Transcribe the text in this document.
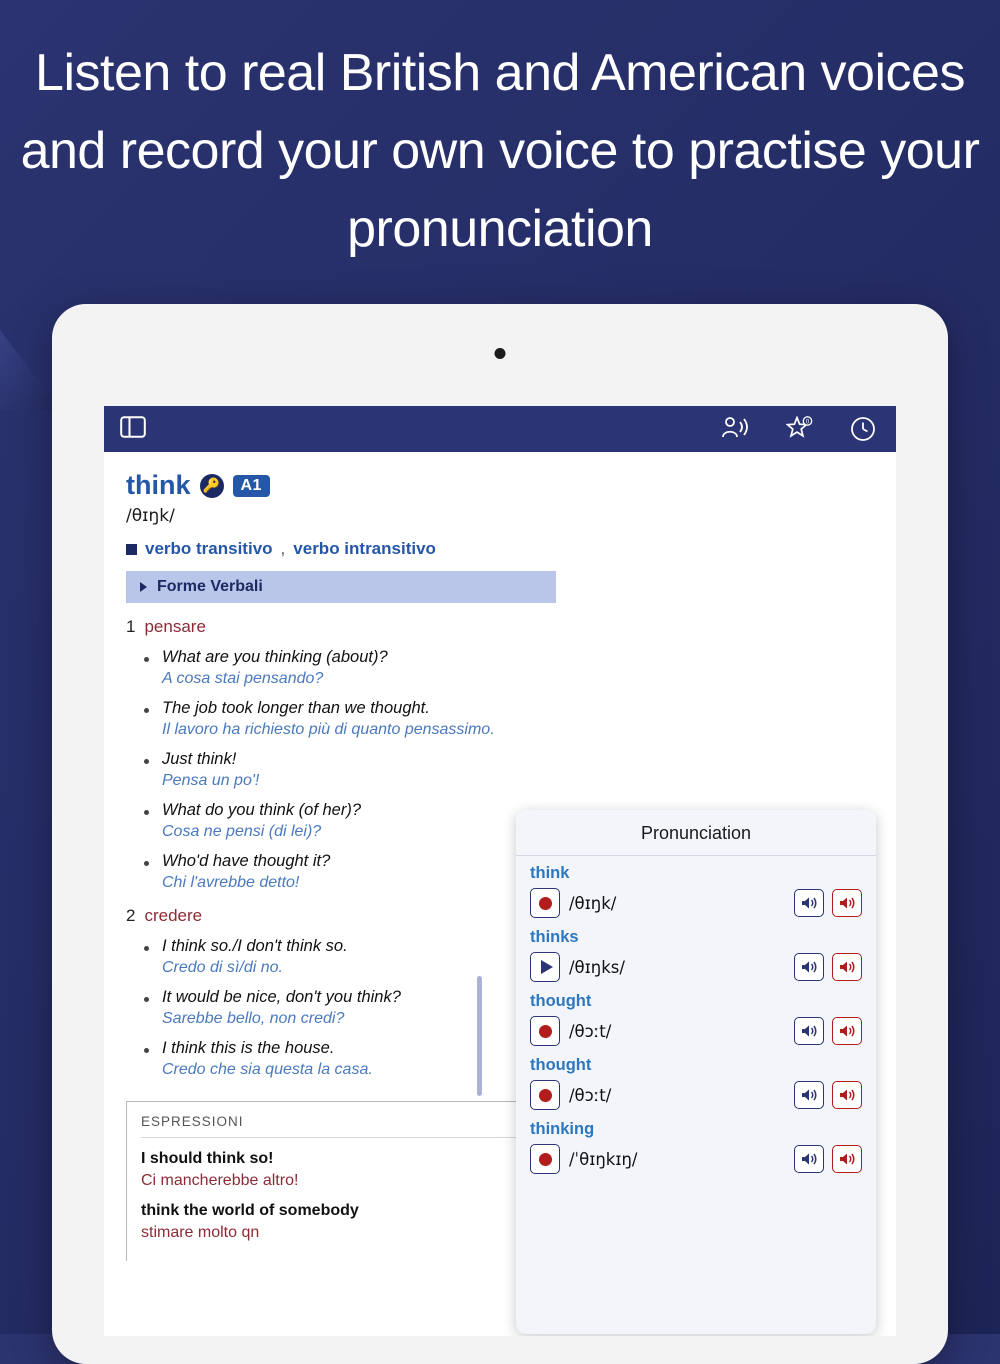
Listen to real British and American voices and record your own voice to practise your pronunciation
0
think 🔑	A1
/θɪŋk/
verbo transitivo , verbo intransitivo
Forme Verbali
1 pensare
What are you thinking (about)?
A cosa stai pensando?
The job took longer than we thought.
Il lavoro ha richiesto più di quanto pensassimo.
Just think!
Pensa un po'!
What do you think (of her)?
Cosa ne pensi (di lei)?
Who'd have thought it?
Chi l'avrebbe detto!
2 credere
I think so./I don't think so.
Credo di sì/di no.
It would be nice, don't you think?
Sarebbe bello, non credi?
I think this is the house.
Credo che sia questa la casa.
ESPRESSIONI
I should think so!
Ci mancherebbe altro!
think the world of somebody
stimare molto qn
Pronunciation
think
/θɪŋk/
thinks
/θɪŋks/
thought
/θɔːt/
thought
/θɔːt/
thinking
/ˈθɪŋkɪŋ/
